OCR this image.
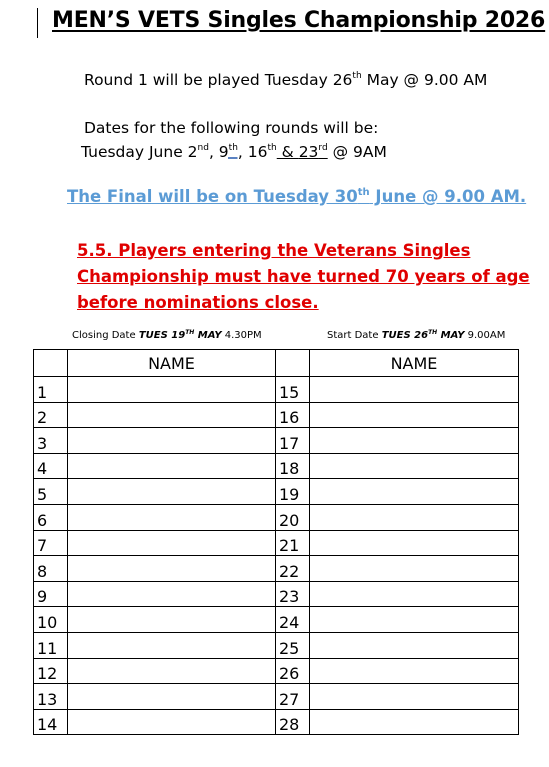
MEN’S VETS Singles Championship 2026
Round 1 will be played Tuesday 26th May @ 9.00 AM
Dates for the following rounds will be:
Tuesday June 2nd, 9th, 16th & 23rd @ 9AM
The Final will be on Tuesday 30th June @ 9.00 AM.
5.5. Players entering the Veterans Singles
Championship must have turned 70 years of age
before nominations close.
Closing Date TUES 19TH MAY 4.30PM	Start Date TUES 26TH MAY 9.00AM
	NAME		NAME
1		15	
2		16	
3		17	
4		18	
5		19	
6		20	
7		21	
8		22	
9		23	
10		24	
11		25	
12		26	
13		27	
14		28	
